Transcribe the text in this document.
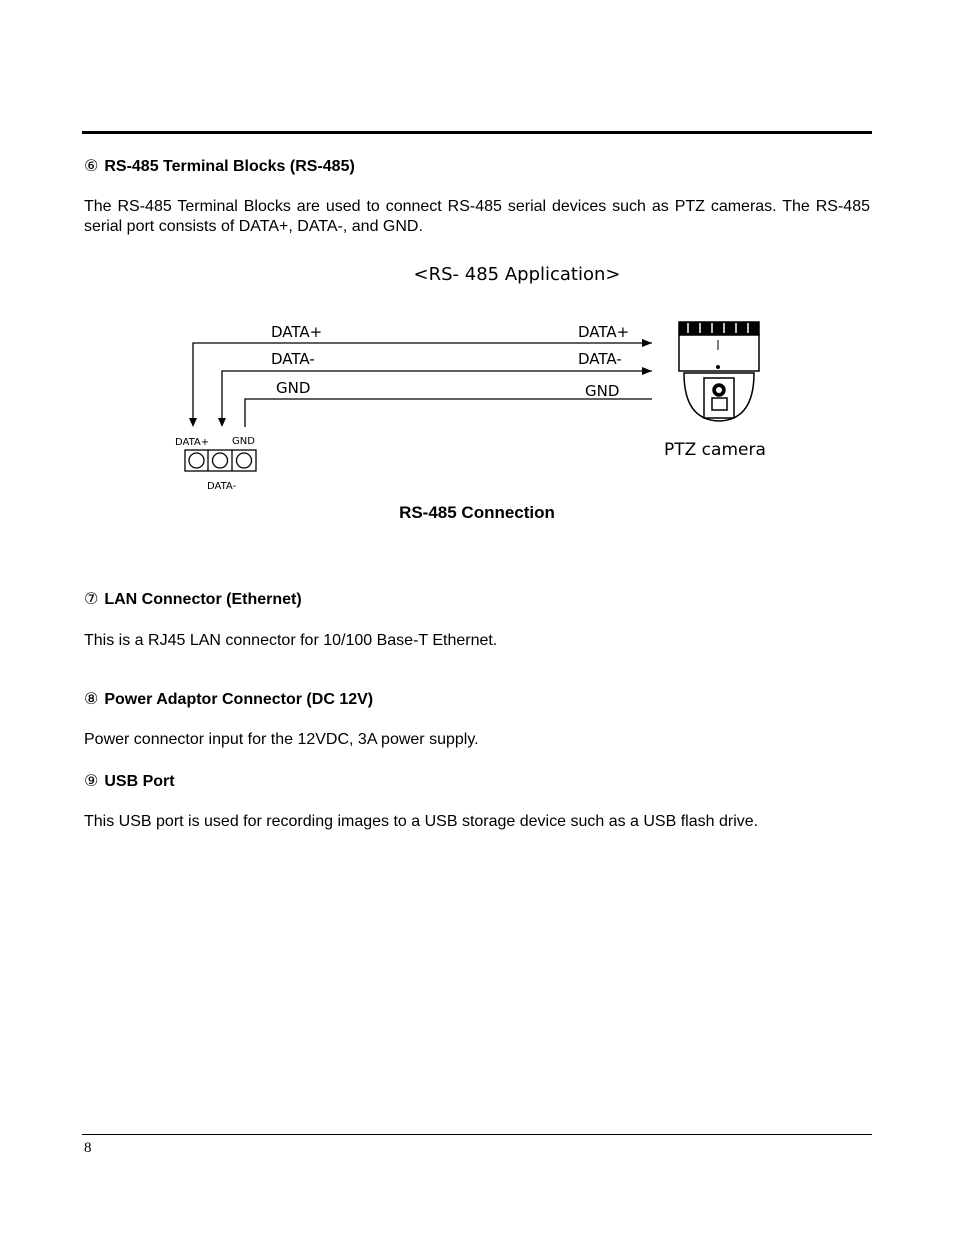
⑥ RS-485 Terminal Blocks (RS-485)
The RS-485 Terminal Blocks are used to connect RS-485 serial devices such as PTZ cameras. The RS-485 serial port consists of DATA+, DATA-, and GND.
<RS- 485 Application>
DATA+
DATA-
GND
DATA+
DATA-
GND
DATA+ GND
DATA-
PTZ camera
RS-485 Connection
⑦ LAN Connector (Ethernet)
This is a RJ45 LAN connector for 10/100 Base-T Ethernet.
⑧ Power Adaptor Connector (DC 12V)
Power connector input for the 12VDC, 3A power supply.
⑨ USB Port
This USB port is used for recording images to a USB storage device such as a USB flash drive.
8
